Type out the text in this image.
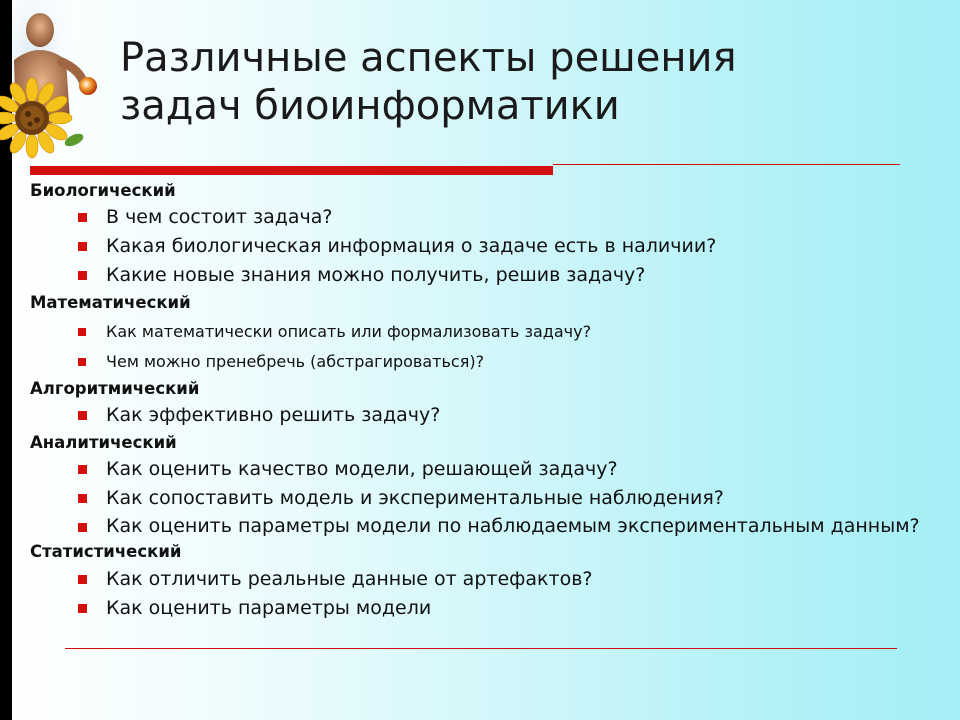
Различные аспекты решения
задач биоинформатики

Биологический

В чем состоит задача?
Какая биологическая информация о задаче есть в наличии?
Какие новые знания можно получить, решив задачу?

Математический

Как математически описать или формализовать задачу?
Чем можно пренебречь (абстрагироваться)?

Алгоритмический

Как эффективно решить задачу?

Аналитический

Как оценить качество модели, решающей задачу?
Как сопоставить модель и экспериментальные наблюдения?
Как оценить параметры модели по наблюдаемым экспериментальным данным?

Статистический

Как отличить реальные данные от артефактов?
Как оценить параметры модели
